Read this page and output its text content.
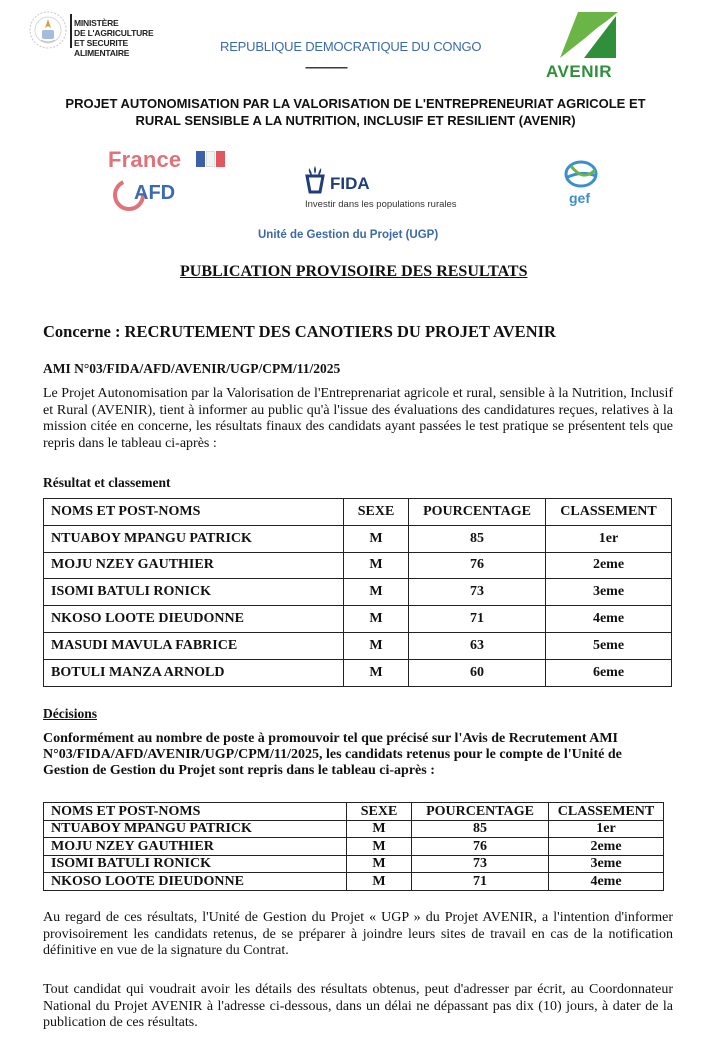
MINISTÈRE
DE L'AGRICULTURE
ET SECURITE ALIMENTAIRE	REPUBLIQUE DEMOCRATIQUE DU CONGO
--------------	AVENIR
PROJET AUTONOMISATION PAR LA VALORISATION DE L'ENTREPRENEURIAT AGRICOLE ET
RURAL SENSIBLE A LA NUTRITION, INCLUSIF ET RESILIENT (AVENIR)
France
AFD	FIDA
Investir dans les populations rurales	gef
Unité de Gestion du Projet (UGP)
PUBLICATION PROVISOIRE DES RESULTATS
Concerne : RECRUTEMENT DES CANOTIERS DU PROJET AVENIR
AMI N°03/FIDA/AFD/AVENIR/UGP/CPM/11/2025
Le Projet Autonomisation par la Valorisation de l'Entreprenariat agricole et rural, sensible à la Nutrition, Inclusif et Rural (AVENIR), tient à informer au public qu'à l'issue des évaluations des candidatures reçues, relatives à la mission citée en concerne, les résultats finaux des candidats ayant passées le test pratique se présentent tels que repris dans le tableau ci-après :
Résultat et classement
NOMS ET POST-NOMS	SEXE	POURCENTAGE	CLASSEMENT
NTUABOY MPANGU PATRICK	M	85	1er
MOJU NZEY GAUTHIER	M	76	2eme
ISOMI BATULI RONICK	M	73	3eme
NKOSO LOOTE DIEUDONNE	M	71	4eme
MASUDI MAVULA FABRICE	M	63	5eme
BOTULI MANZA ARNOLD	M	60	6eme
Décisions
Conformément au nombre de poste à promouvoir tel que précisé sur l'Avis de Recrutement AMI N°03/FIDA/AFD/AVENIR/UGP/CPM/11/2025, les candidats retenus pour le compte de l'Unité de Gestion de Gestion du Projet sont repris dans le tableau ci-après :
NOMS ET POST-NOMS	SEXE	POURCENTAGE	CLASSEMENT
NTUABOY MPANGU PATRICK	M	85	1er
MOJU NZEY GAUTHIER	M	76	2eme
ISOMI BATULI RONICK	M	73	3eme
NKOSO LOOTE DIEUDONNE	M	71	4eme
Au regard de ces résultats, l'Unité de Gestion du Projet « UGP » du Projet AVENIR, a l'intention d'informer provisoirement les candidats retenus, de se préparer à joindre leurs sites de travail en cas de la notification définitive en vue de la signature du Contrat.
Tout candidat qui voudrait avoir les détails des résultats obtenus, peut d'adresser par écrit, au Coordonnateur National du Projet AVENIR à l'adresse ci-dessous, dans un délai ne dépassant pas dix (10) jours, à dater de la publication de ces résultats.
